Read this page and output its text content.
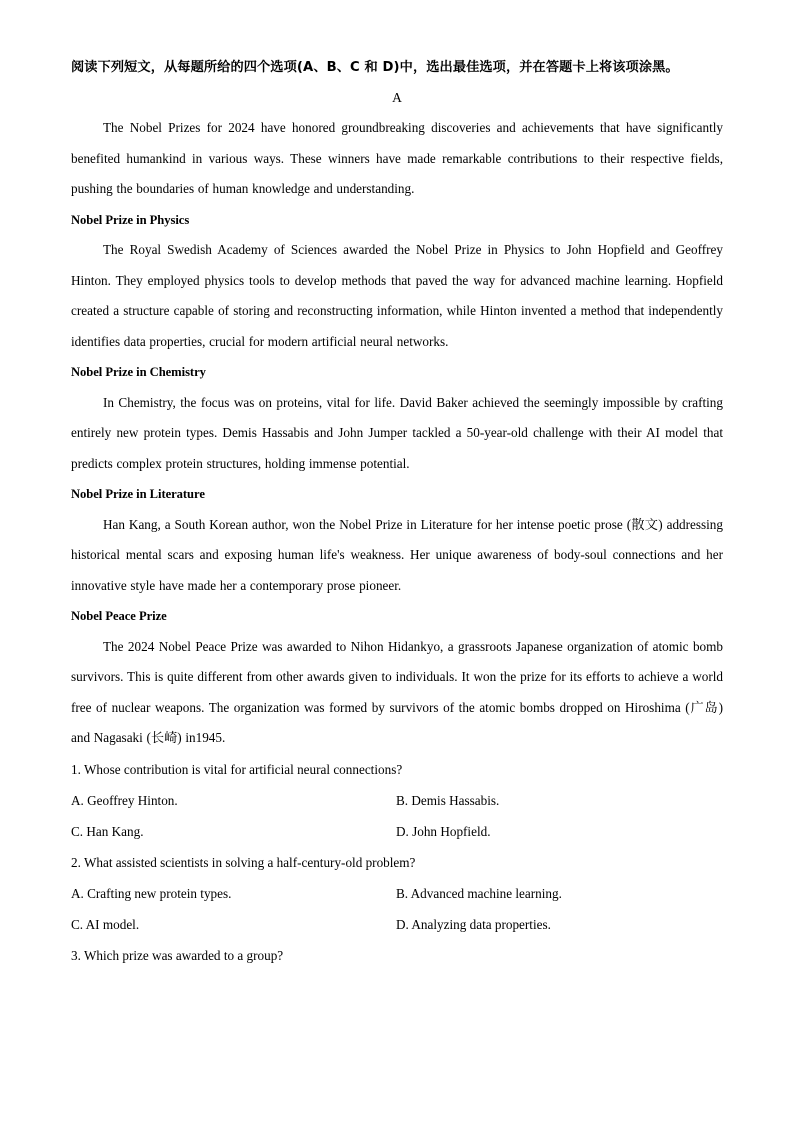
阅读下列短文，从每题所给的四个选项(A、B、C 和 D)中，选出最佳选项，并在答题卡上将该项涂黑。
A

The Nobel Prizes for 2024 have honored groundbreaking discoveries and achievements that have significantly benefited humankind in various ways. These winners have made remarkable contributions to their respective fields, pushing the boundaries of human knowledge and understanding.

Nobel Prize in Physics

The Royal Swedish Academy of Sciences awarded the Nobel Prize in Physics to John Hopfield and Geoffrey Hinton. They employed physics tools to develop methods that paved the way for advanced machine learning. Hopfield created a structure capable of storing and reconstructing information, while Hinton invented a method that independently identifies data properties, crucial for modern artificial neural networks.

Nobel Prize in Chemistry

In Chemistry, the focus was on proteins, vital for life. David Baker achieved the seemingly impossible by crafting entirely new protein types. Demis Hassabis and John Jumper tackled a 50-year-old challenge with their AI model that predicts complex protein structures, holding immense potential.

Nobel Prize in Literature

Han Kang, a South Korean author, won the Nobel Prize in Literature for her intense poetic prose (散文) addressing historical mental scars and exposing human life's weakness. Her unique awareness of body-soul connections and her innovative style have made her a contemporary prose pioneer.

Nobel Peace Prize

The 2024 Nobel Peace Prize was awarded to Nihon Hidankyo, a grassroots Japanese organization of atomic bomb survivors. This is quite different from other awards given to individuals. It won the prize for its efforts to achieve a world free of nuclear weapons. The organization was formed by survivors of the atomic bombs dropped on Hiroshima (广岛) and Nagasaki (长崎) in1945.

1. Whose contribution is vital for artificial neural connections?
A. Geoffrey Hinton.	B. Demis Hassabis.
C. Han Kang.	D. John Hopfield.
2. What assisted scientists in solving a half-century-old problem?
A. Crafting new protein types.	B. Advanced machine learning.
C. AI model.	D. Analyzing data properties.
3. Which prize was awarded to a group?
